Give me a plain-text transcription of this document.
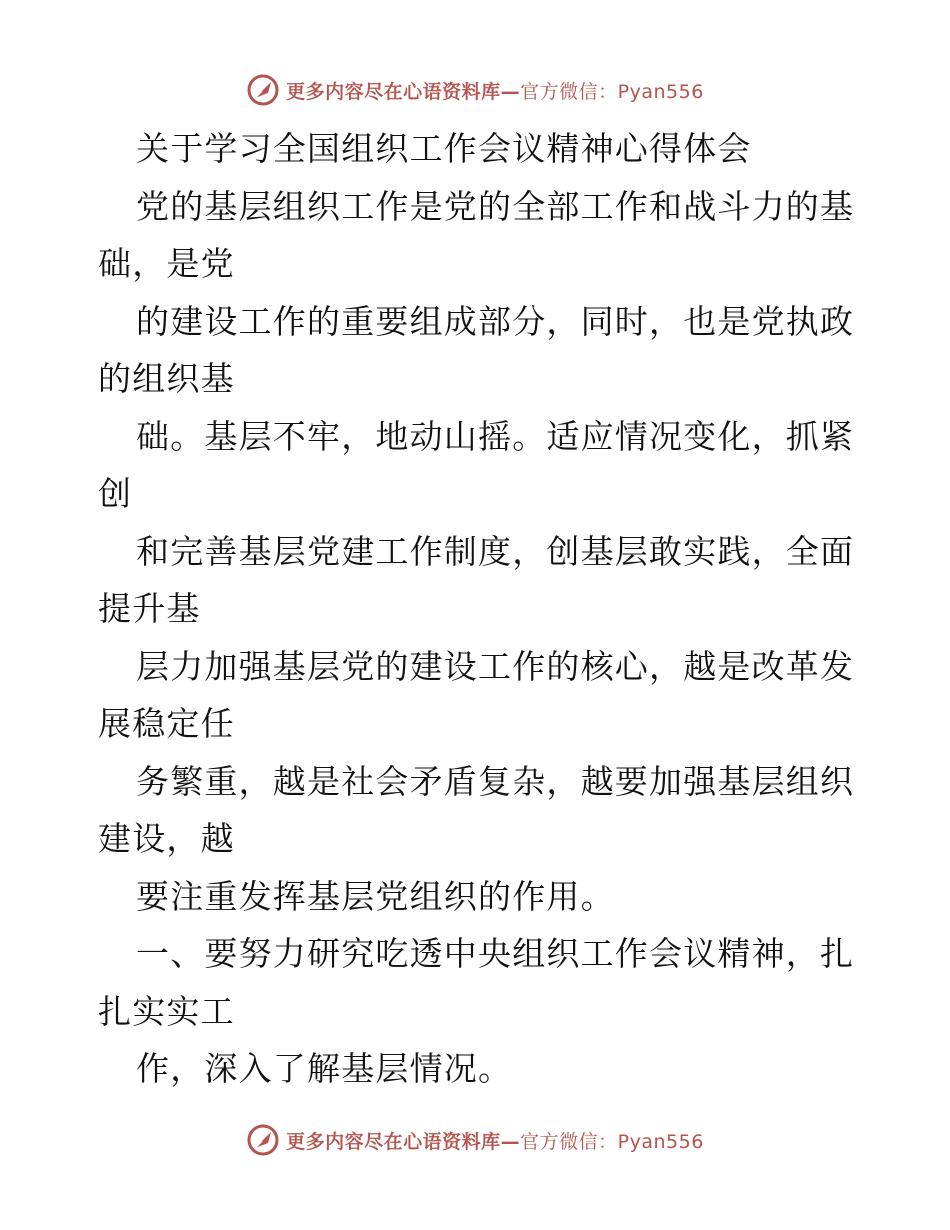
更多内容尽在心语资料库—官方微信：Pyan556
关于学习全国组织工作会议精神心得体会
党的基层组织工作是党的全部工作和战斗力的基
础，是党
的建设工作的重要组成部分，同时，也是党执政
的组织基
础。基层不牢，地动山摇。适应情况变化，抓紧
创
和完善基层党建工作制度，创基层敢实践，全面
提升基
层力加强基层党的建设工作的核心，越是改革发
展稳定任
务繁重，越是社会矛盾复杂，越要加强基层组织
建设，越
要注重发挥基层党组织的作用。
一、要努力研究吃透中央组织工作会议精神，扎
扎实实工
作，深入了解基层情况。
更多内容尽在心语资料库—官方微信：Pyan556
